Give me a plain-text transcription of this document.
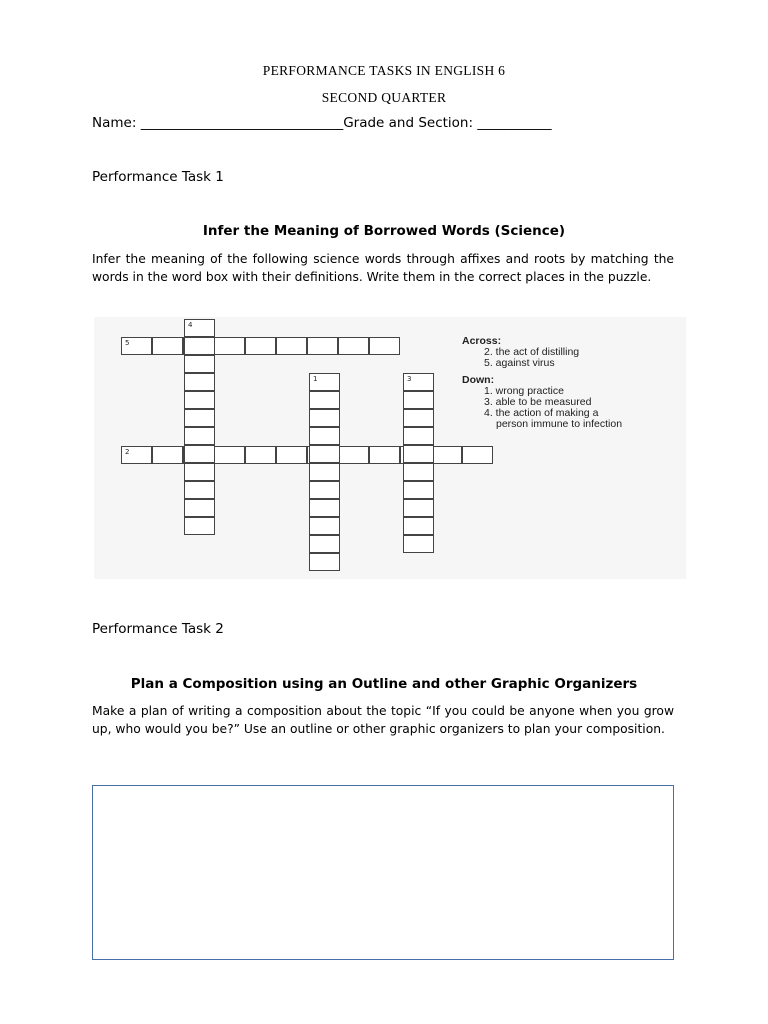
PERFORMANCE TASKS IN ENGLISH 6
SECOND QUARTER
Name: ______________________________Grade and Section: ___________
Performance Task 1
Infer the Meaning of Borrowed Words (Science)
Infer the meaning of the following science words through affixes and roots by matching the words in the word box with their definitions. Write them in the correct places in the puzzle.
5
2
4
1	3
Across:
2. the act of distilling
5. against virus
Down:
1. wrong practice
3. able to be measured
4. the action of making a
person immune to infection
Performance Task 2
Plan a Composition using an Outline and other Graphic Organizers
Make a plan of writing a composition about the topic “If you could be anyone when you grow up, who would you be?” Use an outline or other graphic organizers to plan your composition.
